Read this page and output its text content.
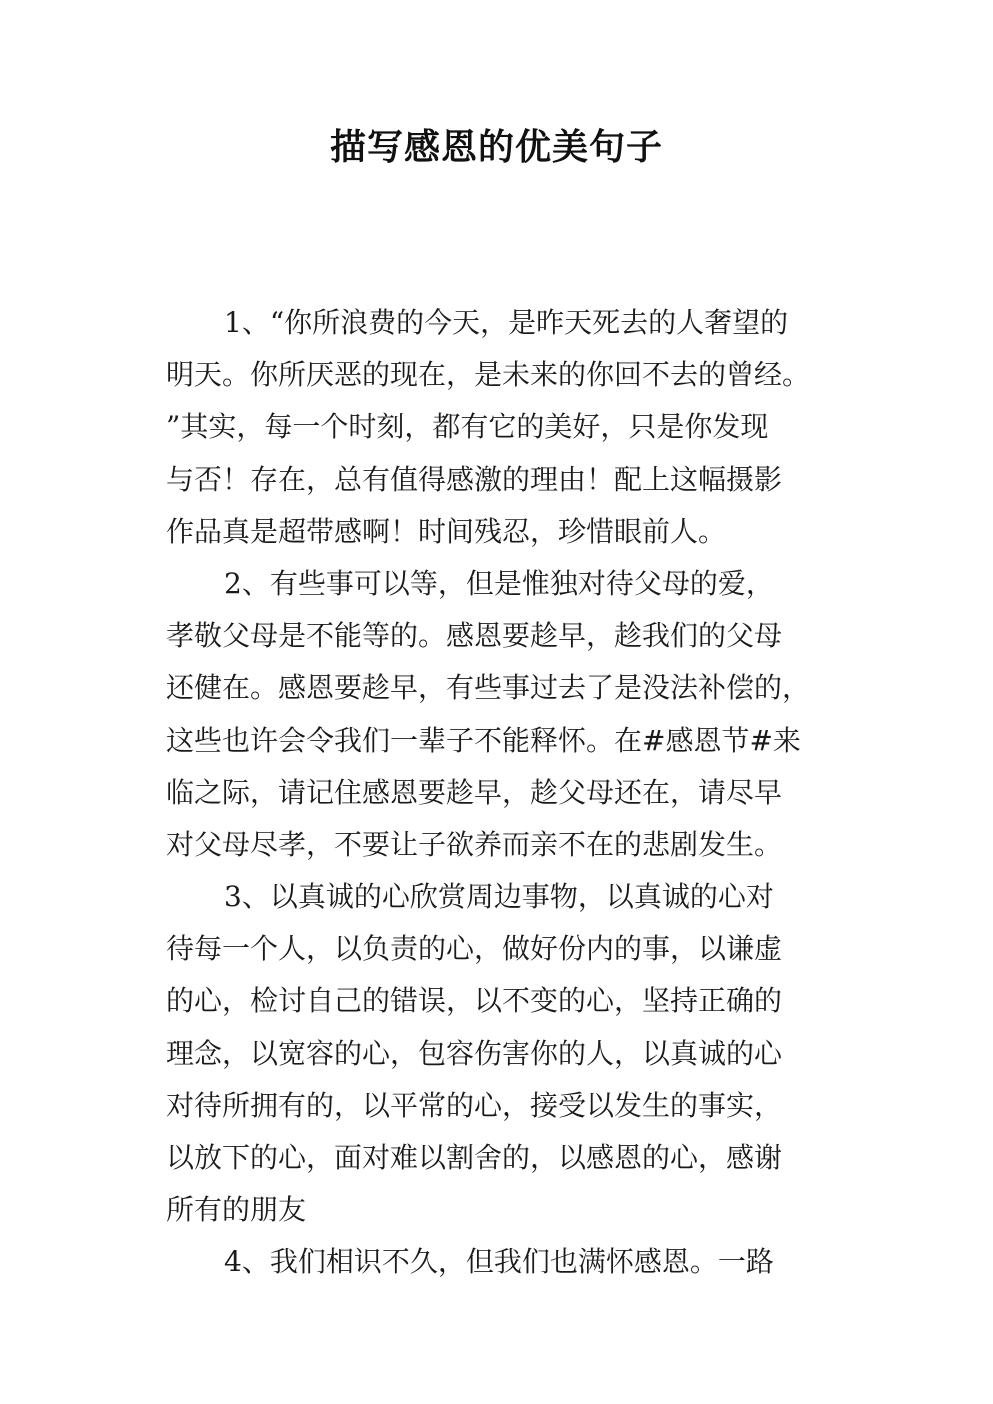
描写感恩的优美句子
1、“你所浪费的今天，是昨天死去的人奢望的
明天。你所厌恶的现在，是未来的你回不去的曾经。
”其实，每一个时刻，都有它的美好，只是你发现
与否！存在，总有值得感激的理由！配上这幅摄影
作品真是超带感啊！时间残忍，珍惜眼前人。
2、有些事可以等，但是惟独对待父母的爱，
孝敬父母是不能等的。感恩要趁早，趁我们的父母
还健在。感恩要趁早，有些事过去了是没法补偿的，
这些也许会令我们一辈子不能释怀。在#感恩节#来
临之际，请记住感恩要趁早，趁父母还在，请尽早
对父母尽孝，不要让子欲养而亲不在的悲剧发生。
3、以真诚的心欣赏周边事物，以真诚的心对
待每一个人，以负责的心，做好份内的事，以谦虚
的心，检讨自己的错误，以不变的心，坚持正确的
理念，以宽容的心，包容伤害你的人，以真诚的心
对待所拥有的，以平常的心，接受以发生的事实，
以放下的心，面对难以割舍的，以感恩的心，感谢
所有的朋友
4、我们相识不久，但我们也满怀感恩。一路
